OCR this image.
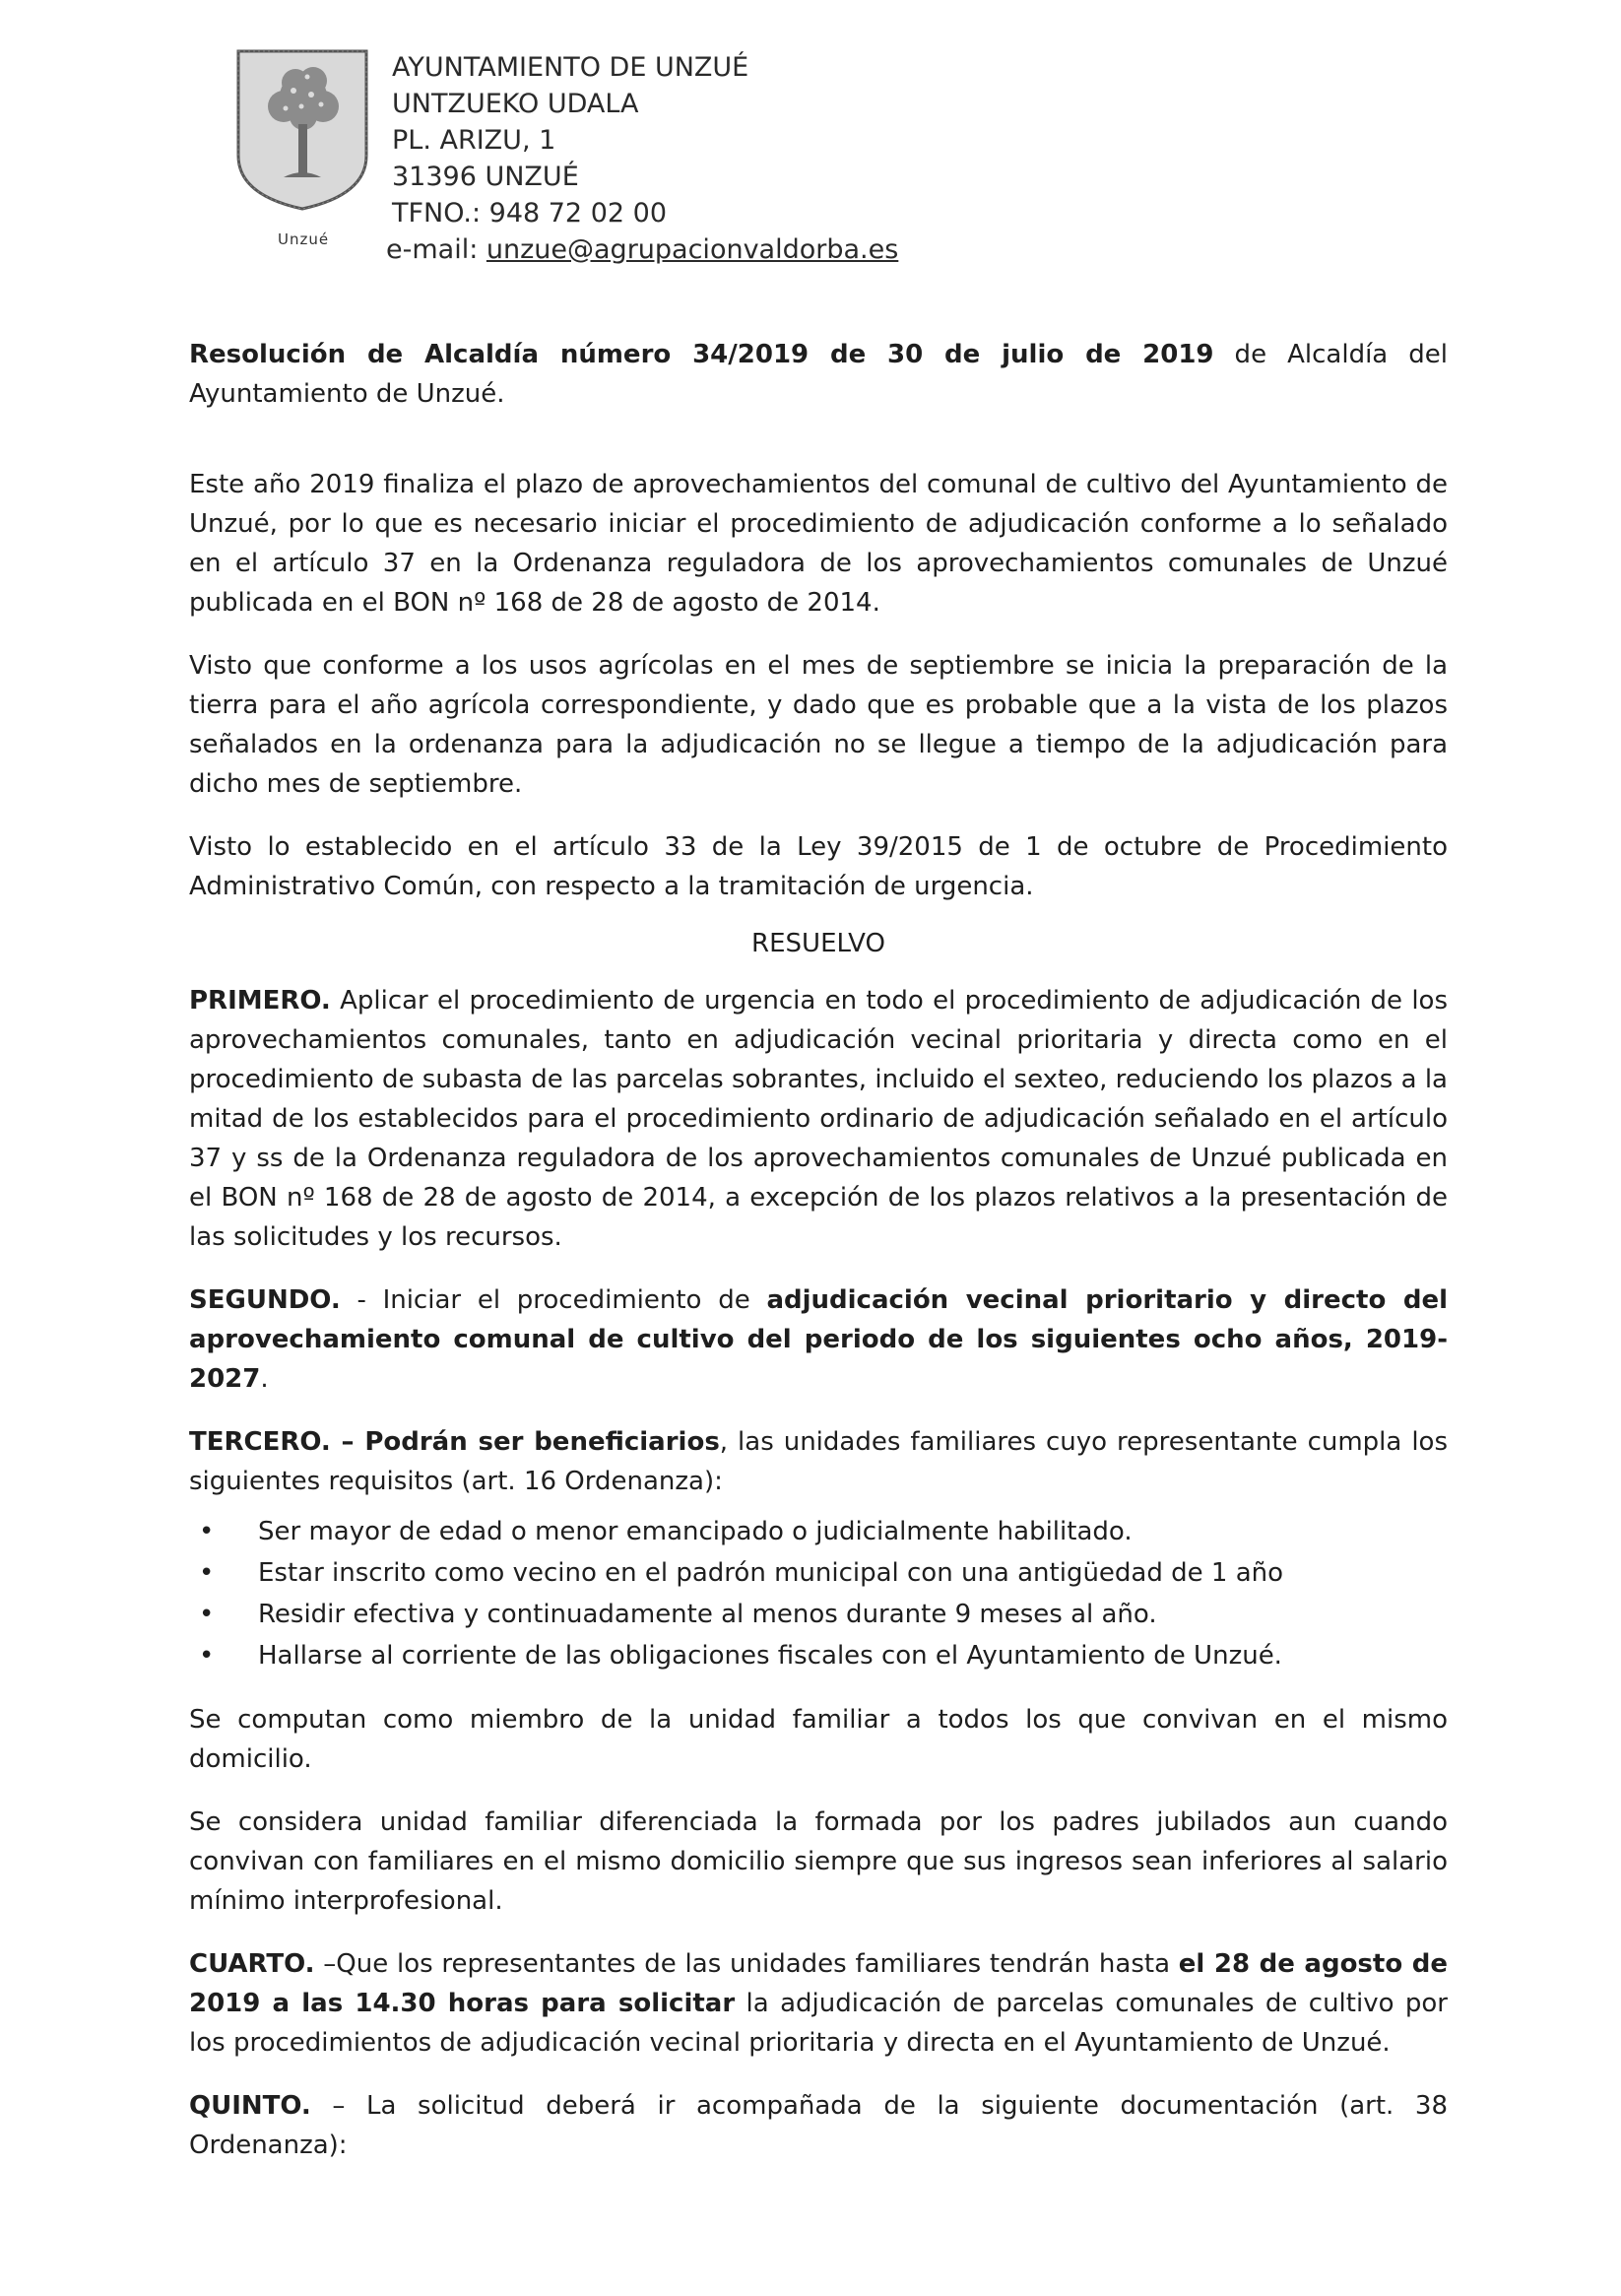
Unzué
AYUNTAMIENTO DE UNZUÉ
UNTZUEKO UDALA
PL. ARIZU, 1
31396 UNZUÉ
TFNO.: 948 72 02 00
e-mail: unzue@agrupacionvaldorba.es

Resolución de Alcaldía número 34/2019 de 30 de julio de 2019 de Alcaldía del Ayuntamiento de Unzué.

Este año 2019 finaliza el plazo de aprovechamientos del comunal de cultivo del Ayuntamiento de Unzué, por lo que es necesario iniciar el procedimiento de adjudicación conforme a lo señalado en el artículo 37 en la Ordenanza reguladora de los aprovechamientos comunales de Unzué publicada en el BON nº 168 de 28 de agosto de 2014.

Visto que conforme a los usos agrícolas en el mes de septiembre se inicia la preparación de la tierra para el año agrícola correspondiente, y dado que es probable que a la vista de los plazos señalados en la ordenanza para la adjudicación no se llegue a tiempo de la adjudicación para dicho mes de septiembre.

Visto lo establecido en el artículo 33 de la Ley 39/2015 de 1 de octubre de Procedimiento Administrativo Común, con respecto a la tramitación de urgencia.

RESUELVO

PRIMERO. Aplicar el procedimiento de urgencia en todo el procedimiento de adjudicación de los aprovechamientos comunales, tanto en adjudicación vecinal prioritaria y directa como en el procedimiento de subasta de las parcelas sobrantes, incluido el sexteo, reduciendo los plazos a la mitad de los establecidos para el procedimiento ordinario de adjudicación señalado en el artículo 37 y ss de la Ordenanza reguladora de los aprovechamientos comunales de Unzué publicada en el BON nº 168 de 28 de agosto de 2014, a excepción de los plazos relativos a la presentación de las solicitudes y los recursos.

SEGUNDO. - Iniciar el procedimiento de adjudicación vecinal prioritario y directo del aprovechamiento comunal de cultivo del periodo de los siguientes ocho años, 2019-2027.

TERCERO. – Podrán ser beneficiarios, las unidades familiares cuyo representante cumpla los siguientes requisitos (art. 16 Ordenanza):

• Ser mayor de edad o menor emancipado o judicialmente habilitado.
• Estar inscrito como vecino en el padrón municipal con una antigüedad de 1 año
• Residir efectiva y continuadamente al menos durante 9 meses al año.
• Hallarse al corriente de las obligaciones fiscales con el Ayuntamiento de Unzué.

Se computan como miembro de la unidad familiar a todos los que convivan en el mismo domicilio.

Se considera unidad familiar diferenciada la formada por los padres jubilados aun cuando convivan con familiares en el mismo domicilio siempre que sus ingresos sean inferiores al salario mínimo interprofesional.

CUARTO. –Que los representantes de las unidades familiares tendrán hasta el 28 de agosto de 2019 a las 14.30 horas para solicitar la adjudicación de parcelas comunales de cultivo por los procedimientos de adjudicación vecinal prioritaria y directa en el Ayuntamiento de Unzué.

QUINTO. – La solicitud deberá ir acompañada de la siguiente documentación (art. 38 Ordenanza):
